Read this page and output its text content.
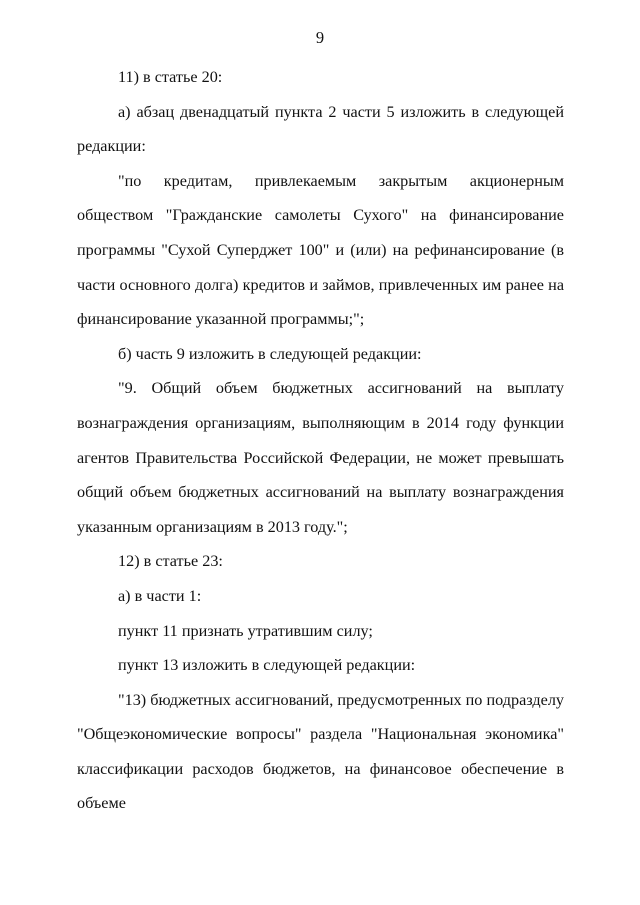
9

11) в статье 20:

а) абзац двенадцатый пункта 2 части 5 изложить в следующей редакции:

"по кредитам, привлекаемым закрытым акционерным обществом "Гражданские самолеты Сухого" на финансирование программы "Сухой Суперджет 100" и (или) на рефинансирование (в части основного долга) кредитов и займов, привлеченных им ранее на финансирование указанной программы;";

б) часть 9 изложить в следующей редакции:

"9. Общий объем бюджетных ассигнований на выплату вознаграждения организациям, выполняющим в 2014 году функции агентов Правительства Российской Федерации, не может превышать общий объем бюджетных ассигнований на выплату вознаграждения указанным организациям в 2013 году.";

12) в статье 23:

а) в части 1:

пункт 11 признать утратившим силу;

пункт 13 изложить в следующей редакции:

"13) бюджетных ассигнований, предусмотренных по подразделу "Общеэкономические вопросы" раздела "Национальная экономика" классификации расходов бюджетов, на финансовое обеспечение в объеме
